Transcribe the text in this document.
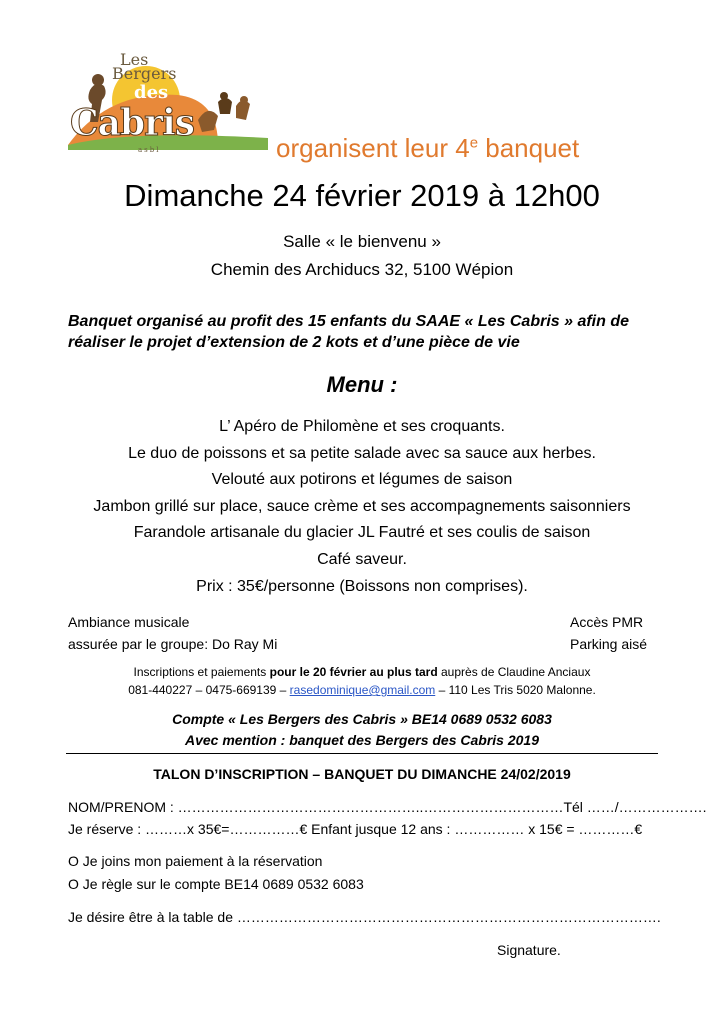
Les
Bergers
des
Cabris
asbl	organisent leur 4e banquet
Dimanche 24 février 2019 à 12h00
Salle « le bienvenu »
Chemin des Archiducs 32, 5100 Wépion
Banquet organisé au profit des 15 enfants du SAAE « Les Cabris » afin de réaliser le projet d’extension de 2 kots et d’une pièce de vie
Menu :
L’ Apéro de Philomène et ses croquants.
Le duo de poissons et sa petite salade avec sa sauce aux herbes.
Velouté aux potirons et légumes de saison
Jambon grillé sur place, sauce crème et ses accompagnements saisonniers
Farandole artisanale du glacier JL Fautré et ses coulis de saison
Café saveur.
Prix : 35€/personne (Boissons non comprises).
Ambiance musicale
assurée par le groupe: Do Ray Mi
Accès PMR
Parking aisé
Inscriptions et paiements pour le 20 février au plus tard auprès de Claudine Anciaux
081-440227 – 0475-669139 – rasedominique@gmail.com – 110 Les Tris 5020 Malonne.
Compte « Les Bergers des Cabris » BE14 0689 0532 6083
Avec mention : banquet des Bergers des Cabris 2019
TALON D’INSCRIPTION – BANQUET DU DIMANCHE 24/02/2019
NOM/PRENOM : ……………………………………………..…………………………Tél ……/……………….
Je réserve : ………x 35€=……………€ Enfant jusque 12 ans : …………… x 15€ = …………€
O Je joins mon paiement à la réservation
O Je règle sur le compte BE14 0689 0532 6083
Je désire être à la table de ……………………………………………………………………………….
Signature.
